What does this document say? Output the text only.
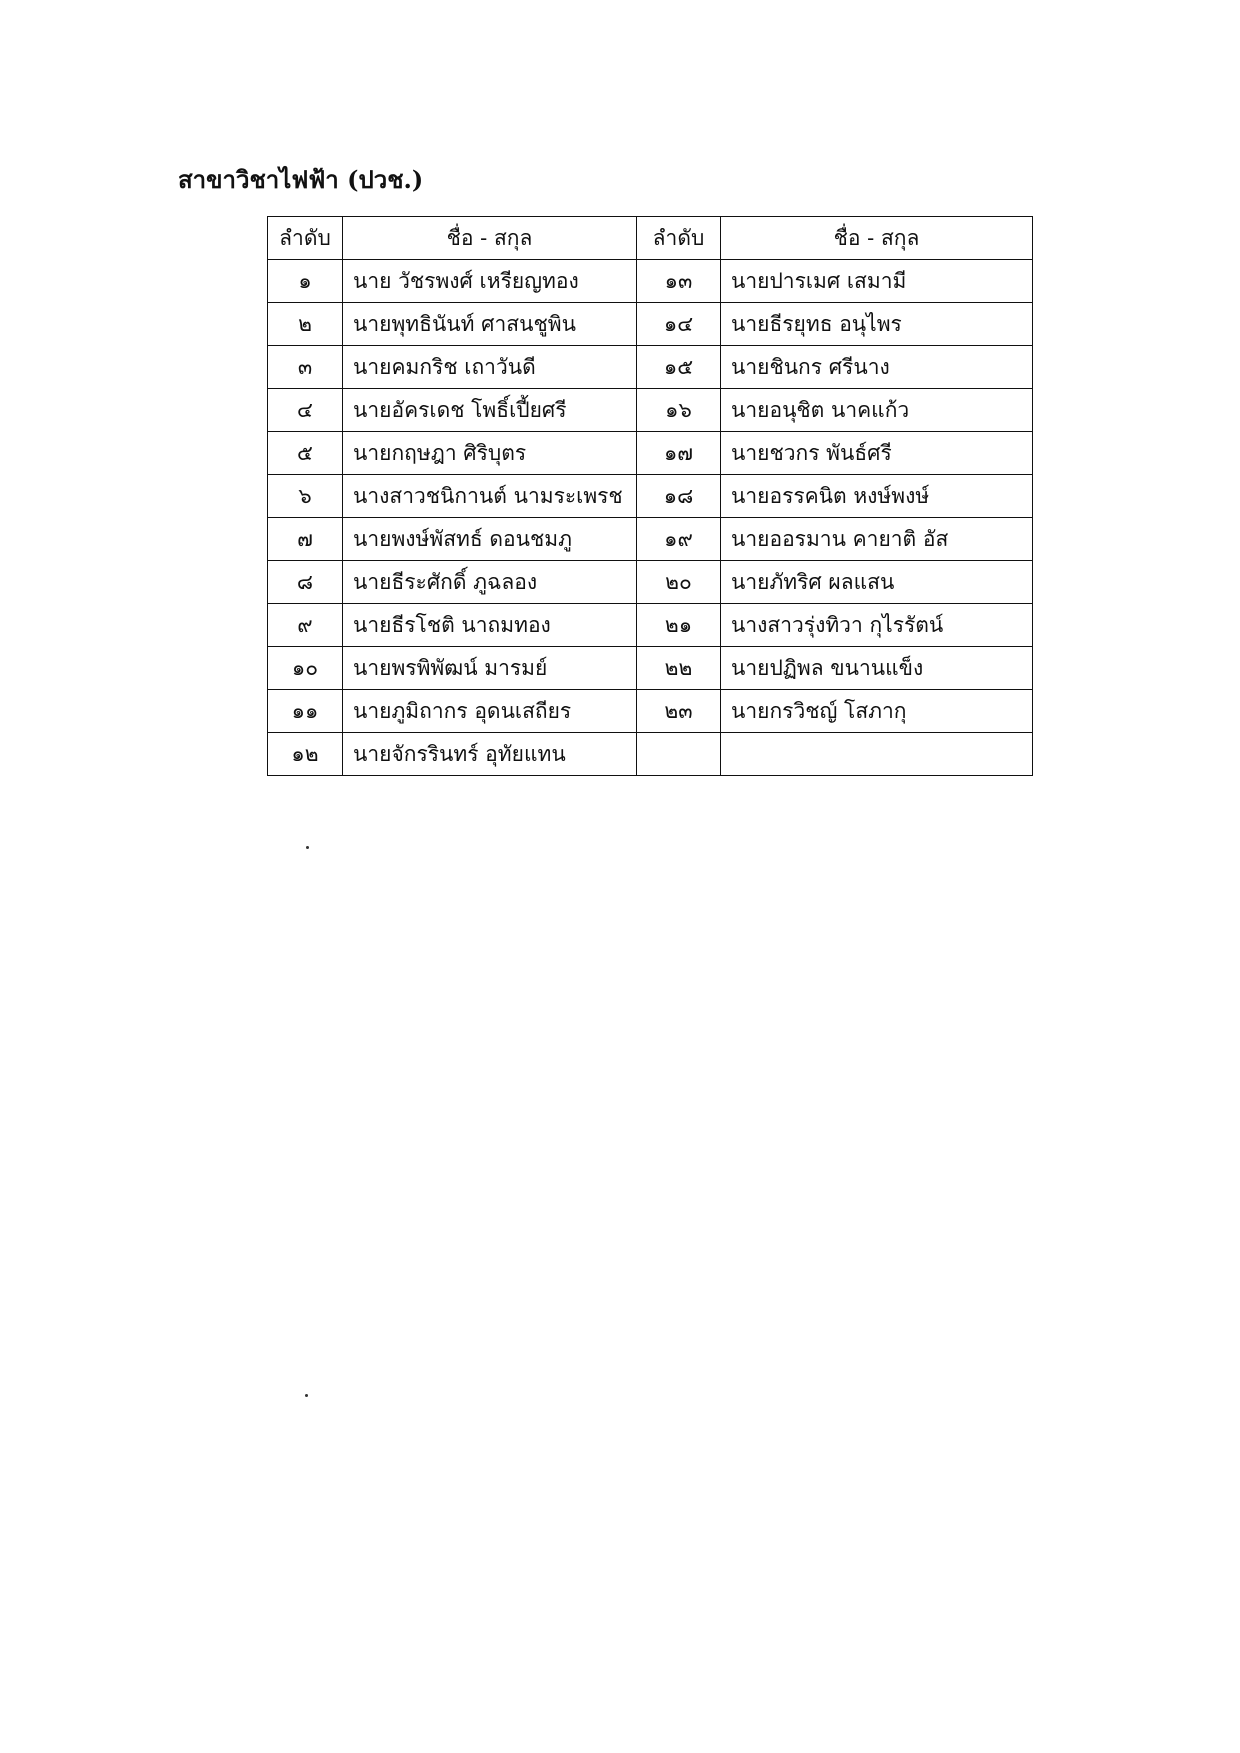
สาขาวิชาไฟฟ้า (ปวช.)
ลำดับ	ชื่อ - สกุล	ลำดับ	ชื่อ - สกุล
๑	นาย วัชรพงศ์ เหรียญทอง	๑๓	นายปารเมศ เสมามี
๒	นายพุทธินันท์ ศาสนชูพิน	๑๔	นายธีรยุทธ อนุไพร
๓	นายคมกริช เถาวันดี	๑๕	นายชินกร ศรีนาง
๔	นายอัครเดช โพธิ์เปี้ยศรี	๑๖	นายอนุชิต นาคแก้ว
๕	นายกฤษฎา ศิริบุตร	๑๗	นายชวกร พันธ์ศรี
๖	นางสาวชนิกานต์ นามระเพรช	๑๘	นายอรรคนิต หงษ์พงษ์
๗	นายพงษ์พัสทธ์ ดอนชมภู	๑๙	นายออรมาน คายาติ อัส
๘	นายธีระศักดิ์ ภูฉลอง	๒๐	นายภัทริศ ผลแสน
๙	นายธีรโชติ นาถมทอง	๒๑	นางสาวรุ่งทิวา กุไรรัตน์
๑๐	นายพรพิพัฒน์ มารมย์	๒๒	นายปฏิพล ขนานแข็ง
๑๑	นายภูมิถากร อุดนเสถียร	๒๓	นายกรวิชญ์ โสภากุ
๑๒	นายจักรรินทร์ อุทัยแทน		
